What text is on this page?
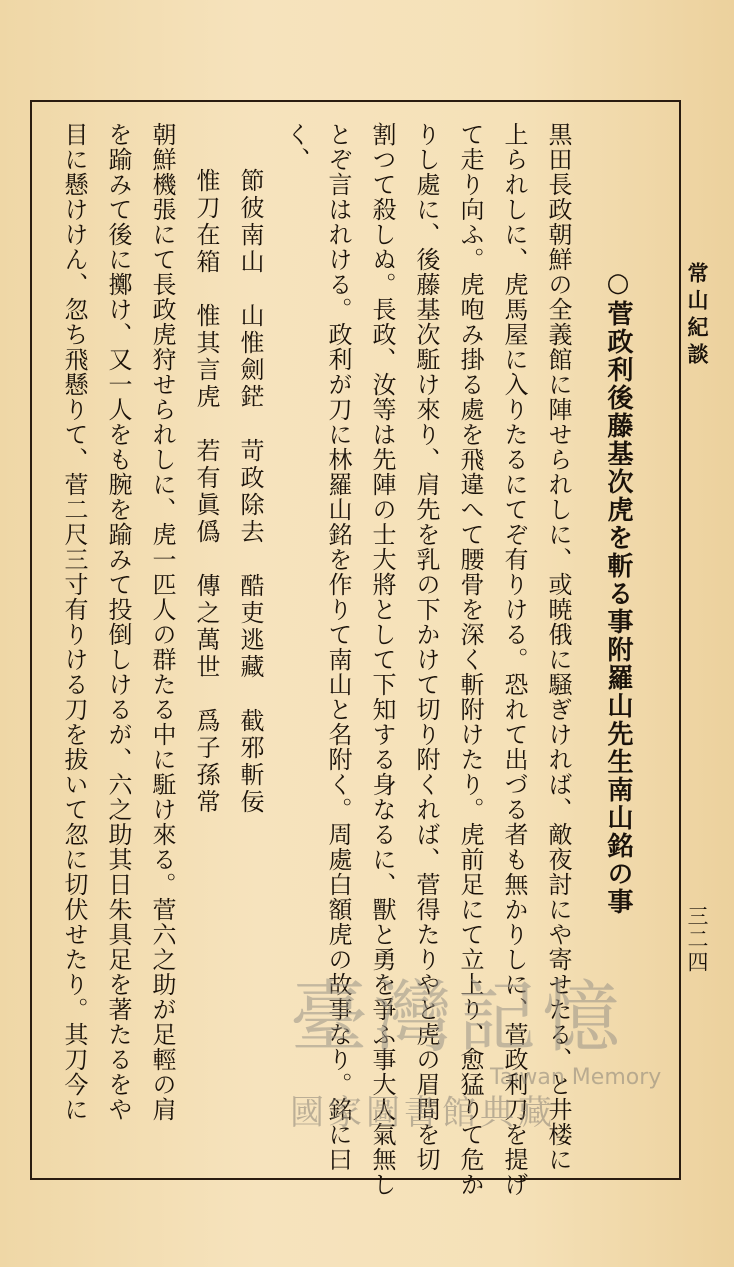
常山紀談
三二四
○菅政利後藤基次虎を斬る事附羅山先生南山銘の事
黒田長政朝鮮の全義館に陣せられしに、或暁俄に騒ぎければ、敵夜討にや寄せたる、と井楼に
上られしに、虎馬屋に入りたるにてぞ有りける。恐れて出づる者も無かりしに、菅政利刀を提げ
て走り向ふ。虎咆み掛る處を飛違へて腰骨を深く斬附けたり。虎前足にて立上り、愈猛りて危か
りし處に、後藤基次駈け來り、肩先を乳の下かけて切り附くれば、菅得たりやと虎の眉間を切
割つて殺しぬ。長政、汝等は先陣の士大將として下知する身なるに、獸と勇を爭ふ事大人氣無し
とぞ言はれける。政利が刀に林羅山銘を作りて南山と名附く。周處白額虎の故事なり。銘に曰
く、
節彼南山　山惟劍鋩　苛政除去　酷吏逃藏　截邪斬佞
惟刀在箱　惟其言虎　若有眞僞　傳之萬世　爲子孫常
朝鮮機張にて長政虎狩せられしに、虎一匹人の群たる中に駈け來る。菅六之助が足輕の肩
を踰みて後に擲け、又一人をも腕を踰みて投倒しけるが、六之助其日朱具足を著たるをや
目に懸けけん、忽ち飛懸りて、菅二尺三寸有りける刀を拔いて忽に切伏せたり。其刀今に	臺灣記憶
Taiwan Memory
國家圖書館典藏
